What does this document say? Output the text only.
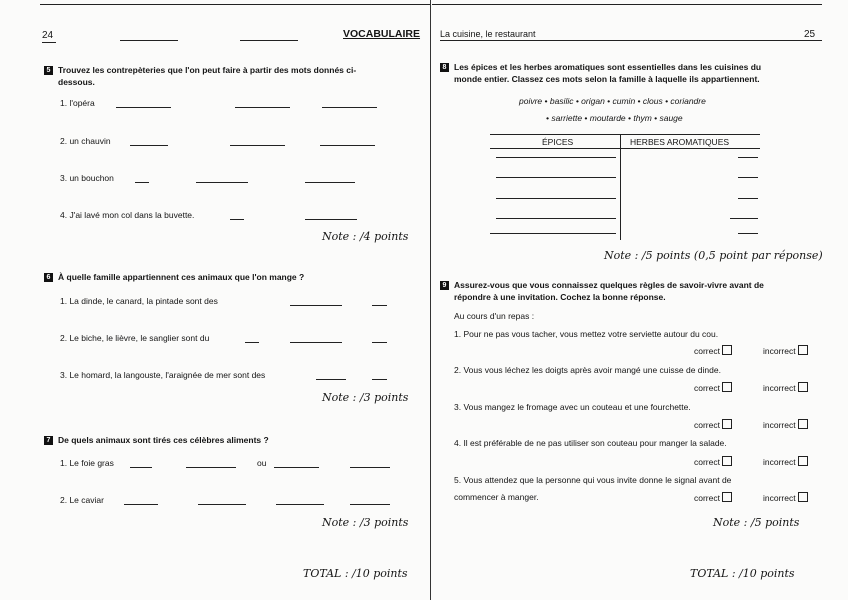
24	VOCABULAIRE
5 Trouvez les contrepèteries que l'on peut faire à partir des mots donnés ci-
dessous.
1. l'opéra
2. un chauvin
3. un bouchon
4. J'ai lavé mon col dans la buvette.
Note : /4 points
6 À quelle famille appartiennent ces animaux que l'on mange ?
1. La dinde, le canard, la pintade sont des
2. Le biche, le lièvre, le sanglier sont du
3. Le homard, la langouste, l'araignée de mer sont des
Note : /3 points
7 De quels animaux sont tirés ces célèbres aliments ?
1. Le foie gras	ou
2. Le caviar
Note : /3 points
TOTAL : /10 points
La cuisine, le restaurant	25
8 Les épices et les herbes aromatiques sont essentielles dans les cuisines du
monde entier. Classez ces mots selon la famille à laquelle ils appartiennent.
poivre • basilic • origan • cumin • clous • coriandre
• sarriette • moutarde • thym • sauge
ÉPICES	HERBES AROMATIQUES
Note : /5 points (0,5 point par réponse)
9 Assurez-vous que vous connaissez quelques règles de savoir-vivre avant de
répondre à une invitation. Cochez la bonne réponse.
Au cours d'un repas :
1. Pour ne pas vous tacher, vous mettez votre serviette autour du cou.
correct	incorrect
2. Vous vous léchez les doigts après avoir mangé une cuisse de dinde.
correct	incorrect
3. Vous mangez le fromage avec un couteau et une fourchette.
correct	incorrect
4. Il est préférable de ne pas utiliser son couteau pour manger la salade.
correct	incorrect
5. Vous attendez que la personne qui vous invite donne le signal avant de
commencer à manger.	correct	incorrect
Note : /5 points
TOTAL : /10 points
